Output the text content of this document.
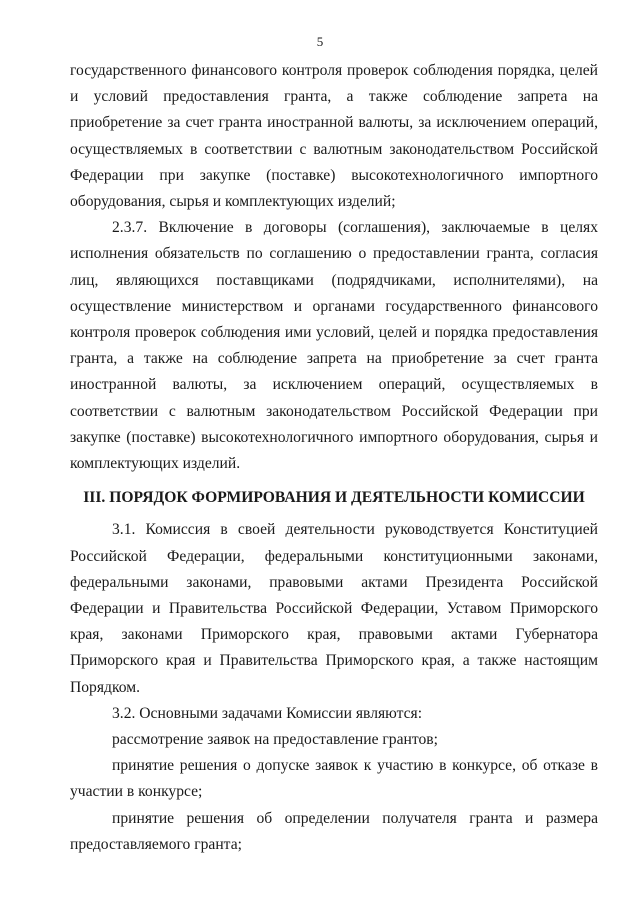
5

государственного финансового контроля проверок соблюдения порядка, целей и условий предоставления гранта, а также соблюдение запрета на приобретение за счет гранта иностранной валюты, за исключением операций, осуществляемых в соответствии с валютным законодательством Российской Федерации при закупке (поставке) высокотехнологичного импортного оборудования, сырья и комплектующих изделий;

2.3.7. Включение в договоры (соглашения), заключаемые в целях исполнения обязательств по соглашению о предоставлении гранта, согласия лиц, являющихся поставщиками (подрядчиками, исполнителями), на осуществление министерством и органами государственного финансового контроля проверок соблюдения ими условий, целей и порядка предоставления гранта, а также на соблюдение запрета на приобретение за счет гранта иностранной валюты, за исключением операций, осуществляемых в соответствии с валютным законодательством Российской Федерации при закупке (поставке) высокотехнологичного импортного оборудования, сырья и комплектующих изделий.

III. ПОРЯДОК ФОРМИРОВАНИЯ И ДЕЯТЕЛЬНОСТИ КОМИССИИ

3.1. Комиссия в своей деятельности руководствуется Конституцией Российской Федерации, федеральными конституционными законами, федеральными законами, правовыми актами Президента Российской Федерации и Правительства Российской Федерации, Уставом Приморского края, законами Приморского края, правовыми актами Губернатора Приморского края и Правительства Приморского края, а также настоящим Порядком.

3.2. Основными задачами Комиссии являются:

рассмотрение заявок на предоставление грантов;

принятие решения о допуске заявок к участию в конкурсе, об отказе в участии в конкурсе;

принятие решения об определении получателя гранта и размера предоставляемого гранта;
